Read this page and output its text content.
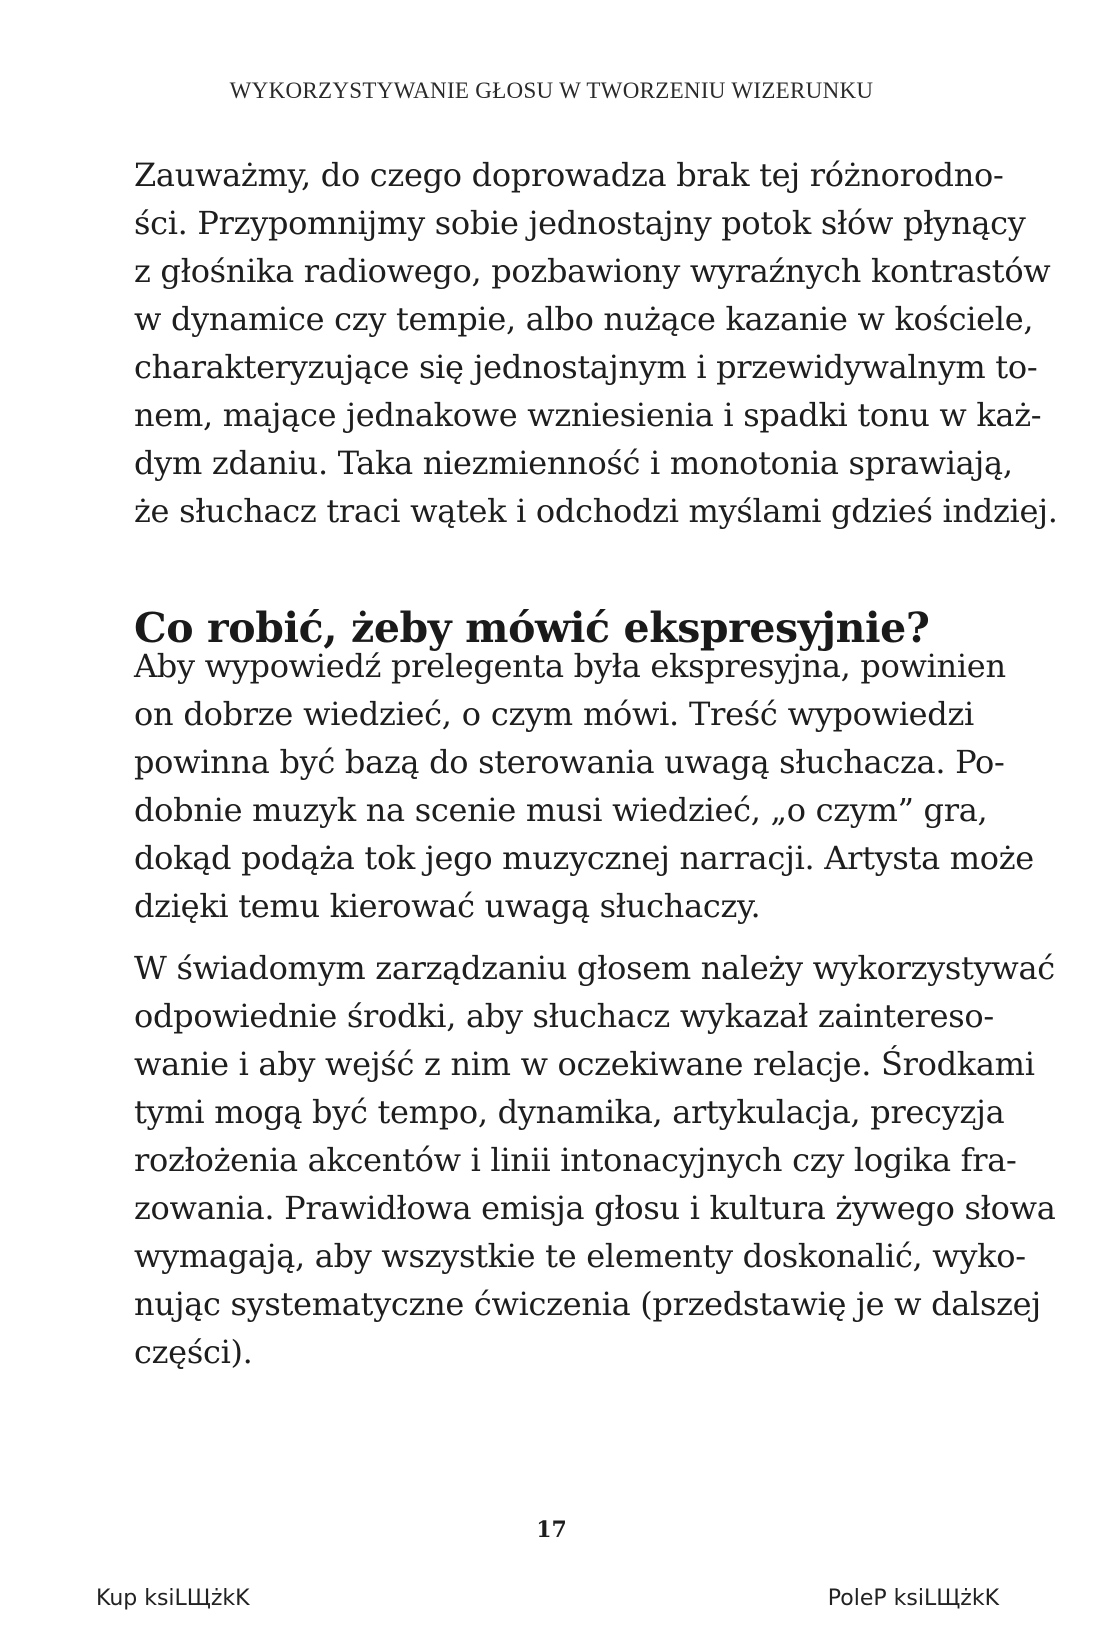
WYKORZYSTYWANIE GŁOSU W TWORZENIU WIZERUNKU
Zauważmy, do czego doprowadza brak tej różnorodno-
ści. Przypomnijmy sobie jednostajny potok słów płynący
z głośnika radiowego, pozbawiony wyraźnych kontrastów
w dynamice czy tempie, albo nużące kazanie w kościele,
charakteryzujące się jednostajnym i przewidywalnym to-
nem, mające jednakowe wzniesienia i spadki tonu w każ-
dym zdaniu. Taka niezmienność i monotonia sprawiają,
że słuchacz traci wątek i odchodzi myślami gdzieś indziej.
Co robić, żeby mówić ekspresyjnie?
Aby wypowiedź prelegenta była ekspresyjna, powinien
on dobrze wiedzieć, o czym mówi. Treść wypowiedzi
powinna być bazą do sterowania uwagą słuchacza. Po-
dobnie muzyk na scenie musi wiedzieć, „o czym” gra,
dokąd podąża tok jego muzycznej narracji. Artysta może
dzięki temu kierować uwagą słuchaczy.
W świadomym zarządzaniu głosem należy wykorzystywać
odpowiednie środki, aby słuchacz wykazał zaintereso-
wanie i aby wejść z nim w oczekiwane relacje. Środkami
tymi mogą być tempo, dynamika, artykulacja, precyzja
rozłożenia akcentów i linii intonacyjnych czy logika fra-
zowania. Prawidłowa emisja głosu i kultura żywego słowa
wymagają, aby wszystkie te elementy doskonalić, wyko-
nując systematyczne ćwiczenia (przedstawię je w dalszej
części).
17
Kup ksiLЩżkK	PoleP ksiLЩżkK
